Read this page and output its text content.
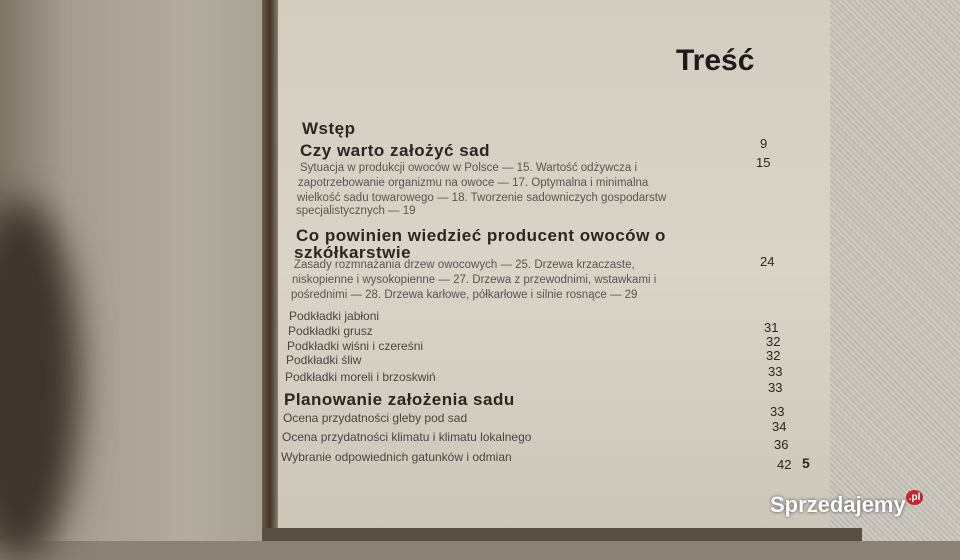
Treść
Wstęp
Czy warto założyć sad
Sytuacja w produkcji owoców w Polsce — 15. Wartość odżywcza i
zapotrzebowanie organizmu na owoce — 17. Optymalna i minimalna
wielkość sadu towarowego — 18. Tworzenie sadowniczych gospodarstw
specjalistycznych — 19
Co powinien wiedzieć producent owoców o
szkółkarstwie
Zasady rozmnażania drzew owocowych — 25. Drzewa krzaczaste,
niskopienne i wysokopienne — 27. Drzewa z przewodnimi, wstawkami i
pośrednimi — 28. Drzewa karłowe, półkarłowe i silnie rosnące — 29
Podkładki jabłoni
Podkładki grusz
Podkładki wiśni i czereśni
Podkładki śliw
Podkładki moreli i brzoskwiń
Planowanie założenia sadu
Ocena przydatności gleby pod sad
Ocena przydatności klimatu i klimatu lokalnego
Wybranie odpowiednich gatunków i odmian
9
15
24
31
32
32
33
33
33
34
36
42 5
Sprzedajemy $^{.pl}$
